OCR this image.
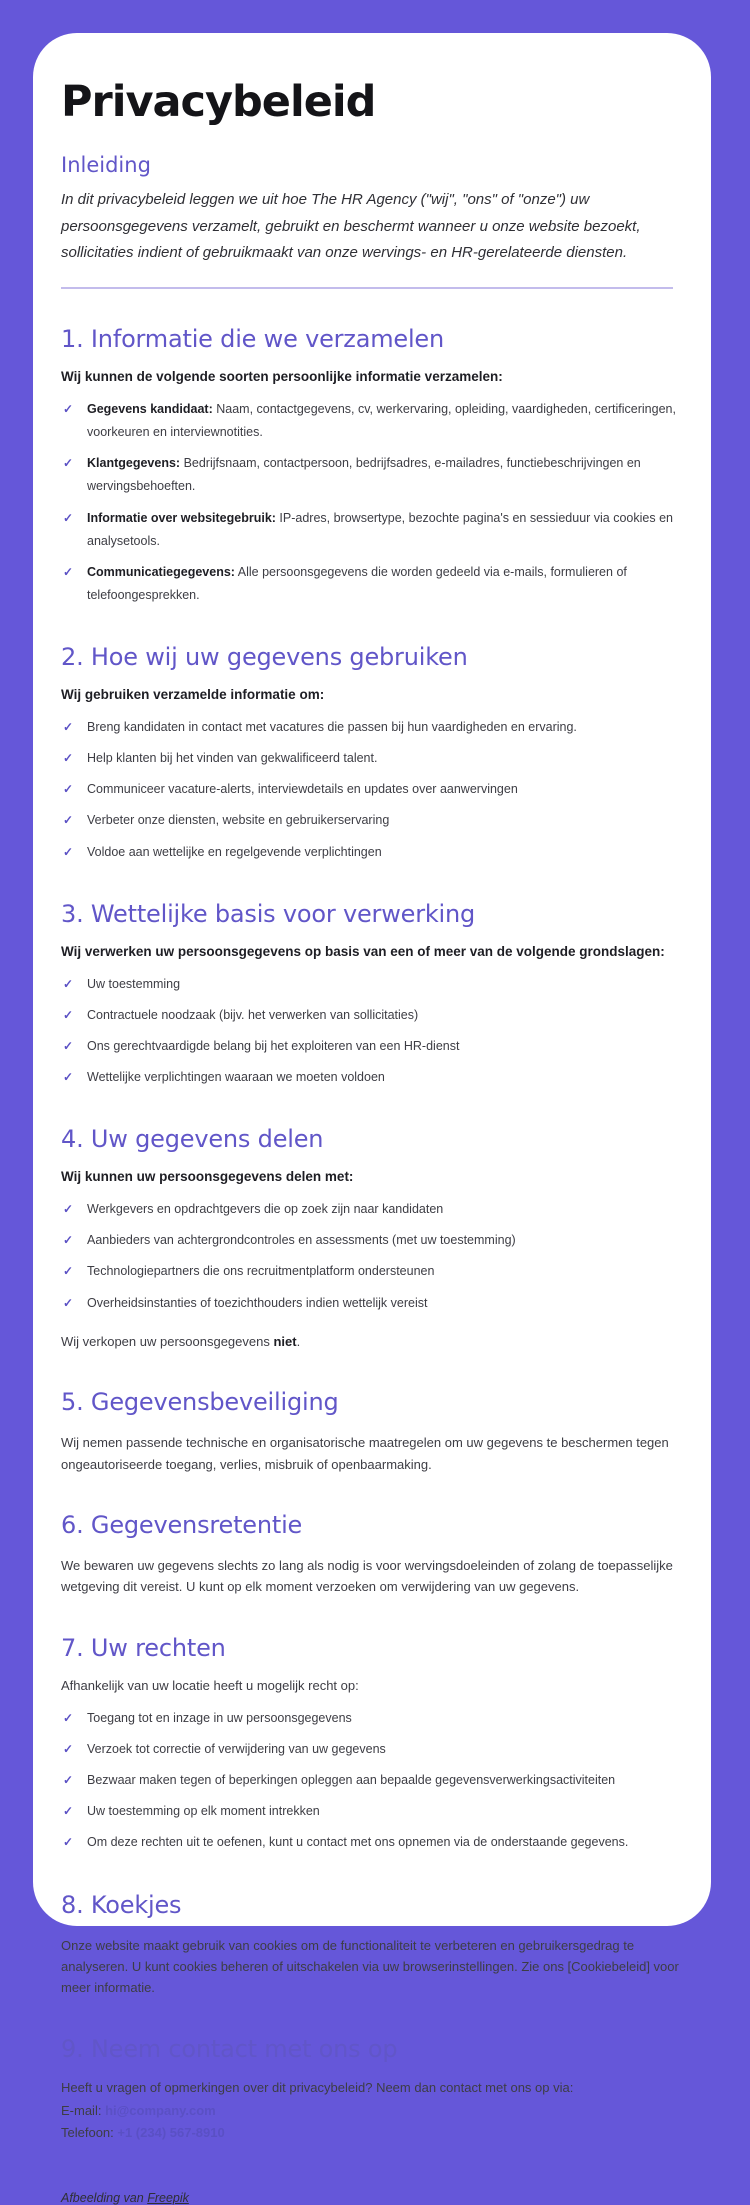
Privacybeleid
Inleiding

In dit privacybeleid leggen we uit hoe The HR Agency ("wij", "ons" of "onze") uw persoonsgegevens verzamelt, gebruikt en beschermt wanneer u onze website bezoekt, sollicitaties indient of gebruikmaakt van onze wervings- en HR-gerelateerde diensten.

1. Informatie die we verzamelen

Wij kunnen de volgende soorten persoonlijke informatie verzamelen:

✓ Gegevens kandidaat: Naam, contactgegevens, cv, werkervaring, opleiding, vaardigheden, certificeringen, voorkeuren en interviewnotities.
✓ Klantgegevens: Bedrijfsnaam, contactpersoon, bedrijfsadres, e-mailadres, functiebeschrijvingen en wervingsbehoeften.
✓ Informatie over websitegebruik: IP-adres, browsertype, bezochte pagina's en sessieduur via cookies en analysetools.
✓ Communicatiegegevens: Alle persoonsgegevens die worden gedeeld via e-mails, formulieren of telefoongesprekken.
2. Hoe wij uw gegevens gebruiken

Wij gebruiken verzamelde informatie om:

✓ Breng kandidaten in contact met vacatures die passen bij hun vaardigheden en ervaring.
✓ Help klanten bij het vinden van gekwalificeerd talent.
✓ Communiceer vacature-alerts, interviewdetails en updates over aanwervingen
✓ Verbeter onze diensten, website en gebruikerservaring
✓ Voldoe aan wettelijke en regelgevende verplichtingen
3. Wettelijke basis voor verwerking

Wij verwerken uw persoonsgegevens op basis van een of meer van de volgende grondslagen:

✓ Uw toestemming
✓ Contractuele noodzaak (bijv. het verwerken van sollicitaties)
✓ Ons gerechtvaardigde belang bij het exploiteren van een HR-dienst
✓ Wettelijke verplichtingen waaraan we moeten voldoen
4. Uw gegevens delen

Wij kunnen uw persoonsgegevens delen met:

✓ Werkgevers en opdrachtgevers die op zoek zijn naar kandidaten
✓ Aanbieders van achtergrondcontroles en assessments (met uw toestemming)
✓ Technologiepartners die ons recruitmentplatform ondersteunen
✓ Overheidsinstanties of toezichthouders indien wettelijk vereist

Wij verkopen uw persoonsgegevens niet.

5. Gegevensbeveiliging

Wij nemen passende technische en organisatorische maatregelen om uw gegevens te beschermen tegen ongeautoriseerde toegang, verlies, misbruik of openbaarmaking.

6. Gegevensretentie

We bewaren uw gegevens slechts zo lang als nodig is voor wervingsdoeleinden of zolang de toepasselijke wetgeving dit vereist. U kunt op elk moment verzoeken om verwijdering van uw gegevens.

7. Uw rechten

Afhankelijk van uw locatie heeft u mogelijk recht op:

✓ Toegang tot en inzage in uw persoonsgegevens
✓ Verzoek tot correctie of verwijdering van uw gegevens
✓ Bezwaar maken tegen of beperkingen opleggen aan bepaalde gegevensverwerkingsactiviteiten
✓ Uw toestemming op elk moment intrekken
✓ Om deze rechten uit te oefenen, kunt u contact met ons opnemen via de onderstaande gegevens.
8. Koekjes

Onze website maakt gebruik van cookies om de functionaliteit te verbeteren en gebruikersgedrag te analyseren. U kunt cookies beheren of uitschakelen via uw browserinstellingen. Zie ons [Cookiebeleid] voor meer informatie.

9. Neem contact met ons op
Heeft u vragen of opmerkingen over dit privacybeleid? Neem dan contact met ons op via:
E-mail: hi@company.com
Telefoon: +1 (234) 567-8910

Afbeelding van Freepik
